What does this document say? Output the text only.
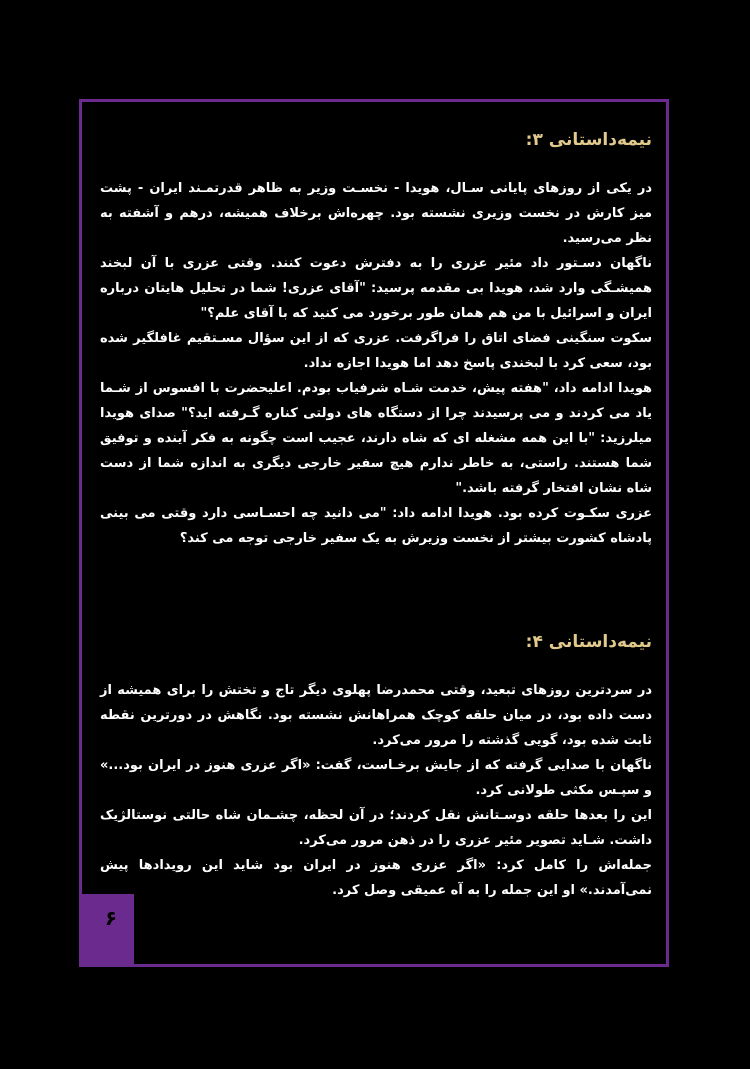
۶
نیمه‌داستانی ۳:

در یکی از روزهای پایانی سـال، هویدا - نخسـت وزیر به ظاهر قدرتمـند ایران - پشت میز کارش در نخست وزیری نشسته بود. چهره‌اش برخلاف همیشه، درهم و آشفته به نظر می‌رسید.

ناگهان دسـتور داد مئیر عزری را به دفترش دعوت کنند. وقتی عزری با آن لبخند همیشـگی وارد شد، هویدا بی مقدمه پرسید: "آقای عزری! شما در تحلیل هایتان درباره ایران و اسرائیل با من هم همان طور برخورد می کنید که با آقای علم؟"

سکوت سنگینی فضای اتاق را فراگرفت. عزری که از این سؤال مسـتقیم غافلگیر شده بود، سعی کرد با لبخندی پاسخ دهد اما هویدا اجازه نداد.

هویدا ادامه داد، "هفته پیش، خدمت شـاه شرفیاب بودم. اعلیحضرت با افسوس از شـما یاد می کردند و می پرسیدند چرا از دستگاه های دولتی کناره گـرفته اید؟" صدای هویدا میلرزید: "با این همه مشغله ای که شاه دارند، عجیب است چگونه به فکر آینده و توفیق شما هستند. راستی، به خاطر ندارم هیچ سفیر خارجی دیگری به اندازه شما از دست شاه نشان افتخار گرفته باشد."

عزری سکـوت کرده بود. هویدا ادامه داد: "می دانید چه احسـاسی دارد وقتی می بینی پادشاه کشورت بیشتر از نخست وزیرش به یک سفیر خارجی توجه می کند؟

نیمه‌داستانی ۴:

در سردترین روزهای تبعید، وقتی محمدرضا پهلوی دیگر تاج و تختش را برای همیشه از دست داده بود، در میان حلقه کوچک همراهانش نشسته بود. نگاهش در دورترین نقطه ثابت شده بود، گویی گذشته را مرور می‌کرد.

ناگهان با صدایی گرفته که از جایش برخـاست، گفت: «اگر عزری هنوز در ایران بود...» و سپـس مکثی طولانی کرد.

این را بعدها حلقه دوسـتانش نقل کردند؛ در آن لحظه، چشـمان شاه حالتی نوستالژیک داشت. شـاید تصویر مئیر عزری را در ذهن مرور می‌کرد.

جمله‌اش را کامل کرد: «اگر عزری هنوز در ایران بود شاید این رویدادها پیش نمی‌آمدند.» او این جمله را به آه عمیقی وصل کرد.
